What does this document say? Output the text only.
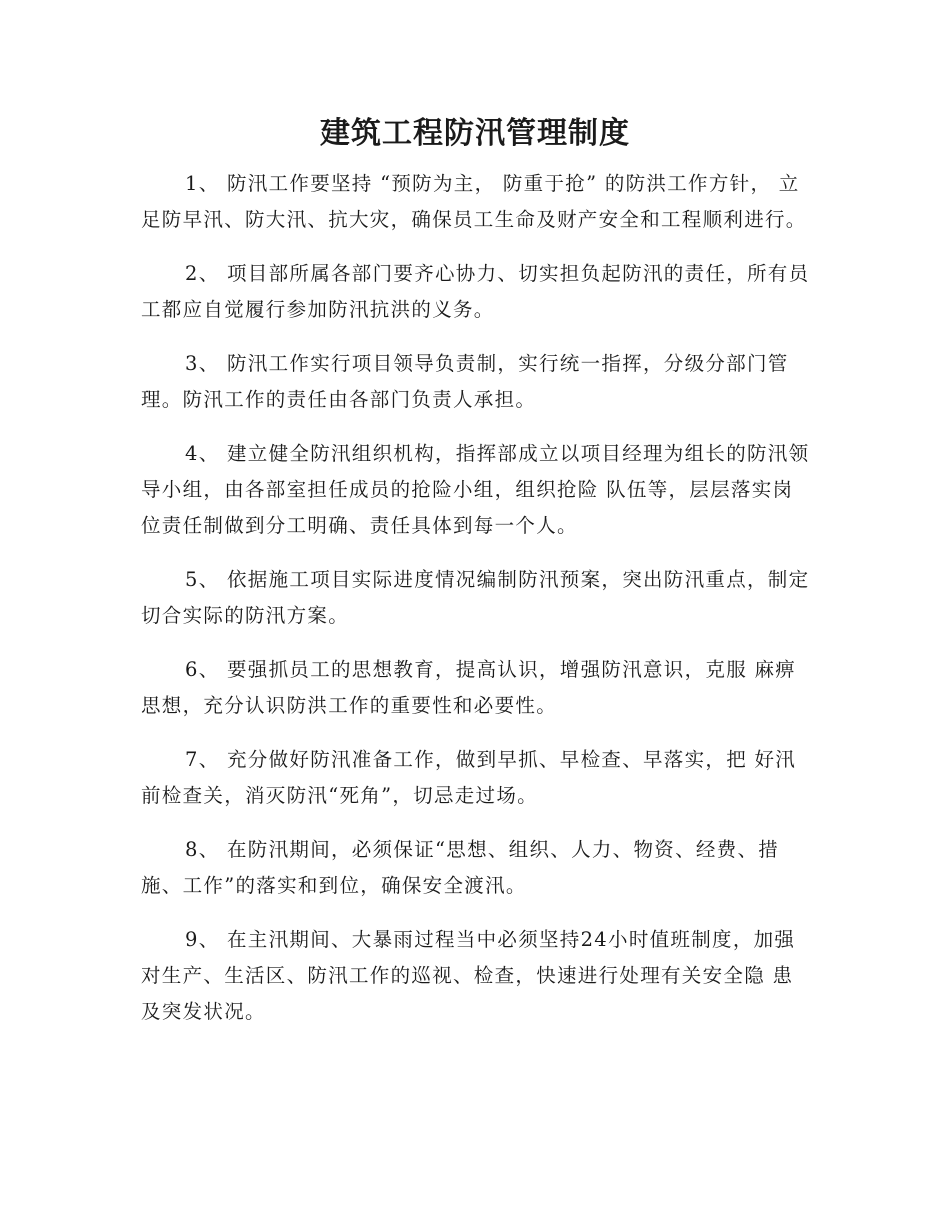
建筑工程防汛管理制度

1、 防汛工作要坚持 “预防为主， 防重于抢” 的防洪工作方针， 立足防早汛、防大汛、抗大灾，确保员工生命及财产安全和工程顺利进行。

2、 项目部所属各部门要齐心协力、切实担负起防汛的责任，所有员工都应自觉履行参加防汛抗洪的义务。

3、 防汛工作实行项目领导负责制，实行统一指挥，分级分部门管理。防汛工作的责任由各部门负责人承担。

4、 建立健全防汛组织机构，指挥部成立以项目经理为组长的防汛领导小组，由各部室担任成员的抢险小组，组织抢险 队伍等，层层落实岗位责任制做到分工明确、责任具体到每一个人。

5、 依据施工项目实际进度情况编制防汛预案，突出防汛重点，制定切合实际的防汛方案。

6、 要强抓员工的思想教育，提高认识，增强防汛意识，克服 麻痹思想，充分认识防洪工作的重要性和必要性。

7、 充分做好防汛准备工作，做到早抓、早检查、早落实，把 好汛前检查关，消灭防汛“死角”，切忌走过场。

8、 在防汛期间，必须保证“思想、组织、人力、物资、经费、措施、工作”的落实和到位，确保安全渡汛。

9、 在主汛期间、大暴雨过程当中必须坚持24小时值班制度，加强对生产、生活区、防汛工作的巡视、检查，快速进行处理有关安全隐 患及突发状况。
